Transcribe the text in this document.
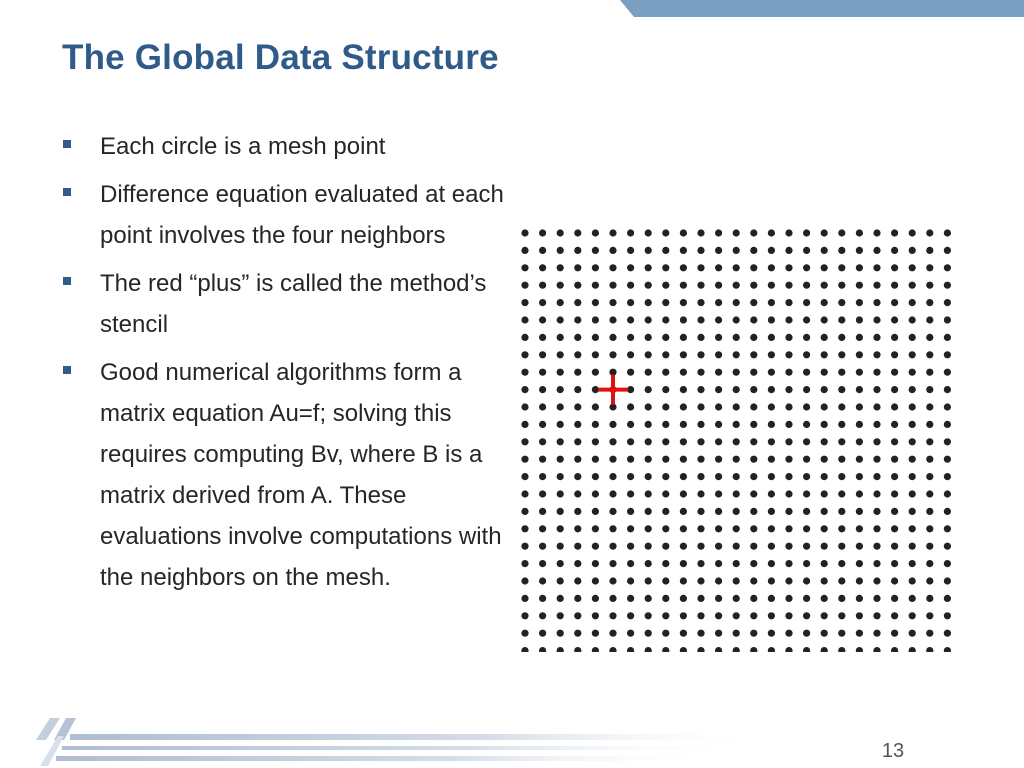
The Global Data Structure
Each circle is a mesh point
Difference equation evaluated at each point involves the four neighbors
The red “plus” is called the method’s stencil
Good numerical algorithms form a matrix equation Au=f; solving this requires computing Bv, where B is a matrix derived from A. These evaluations involve computations with the neighbors on the mesh.
13
